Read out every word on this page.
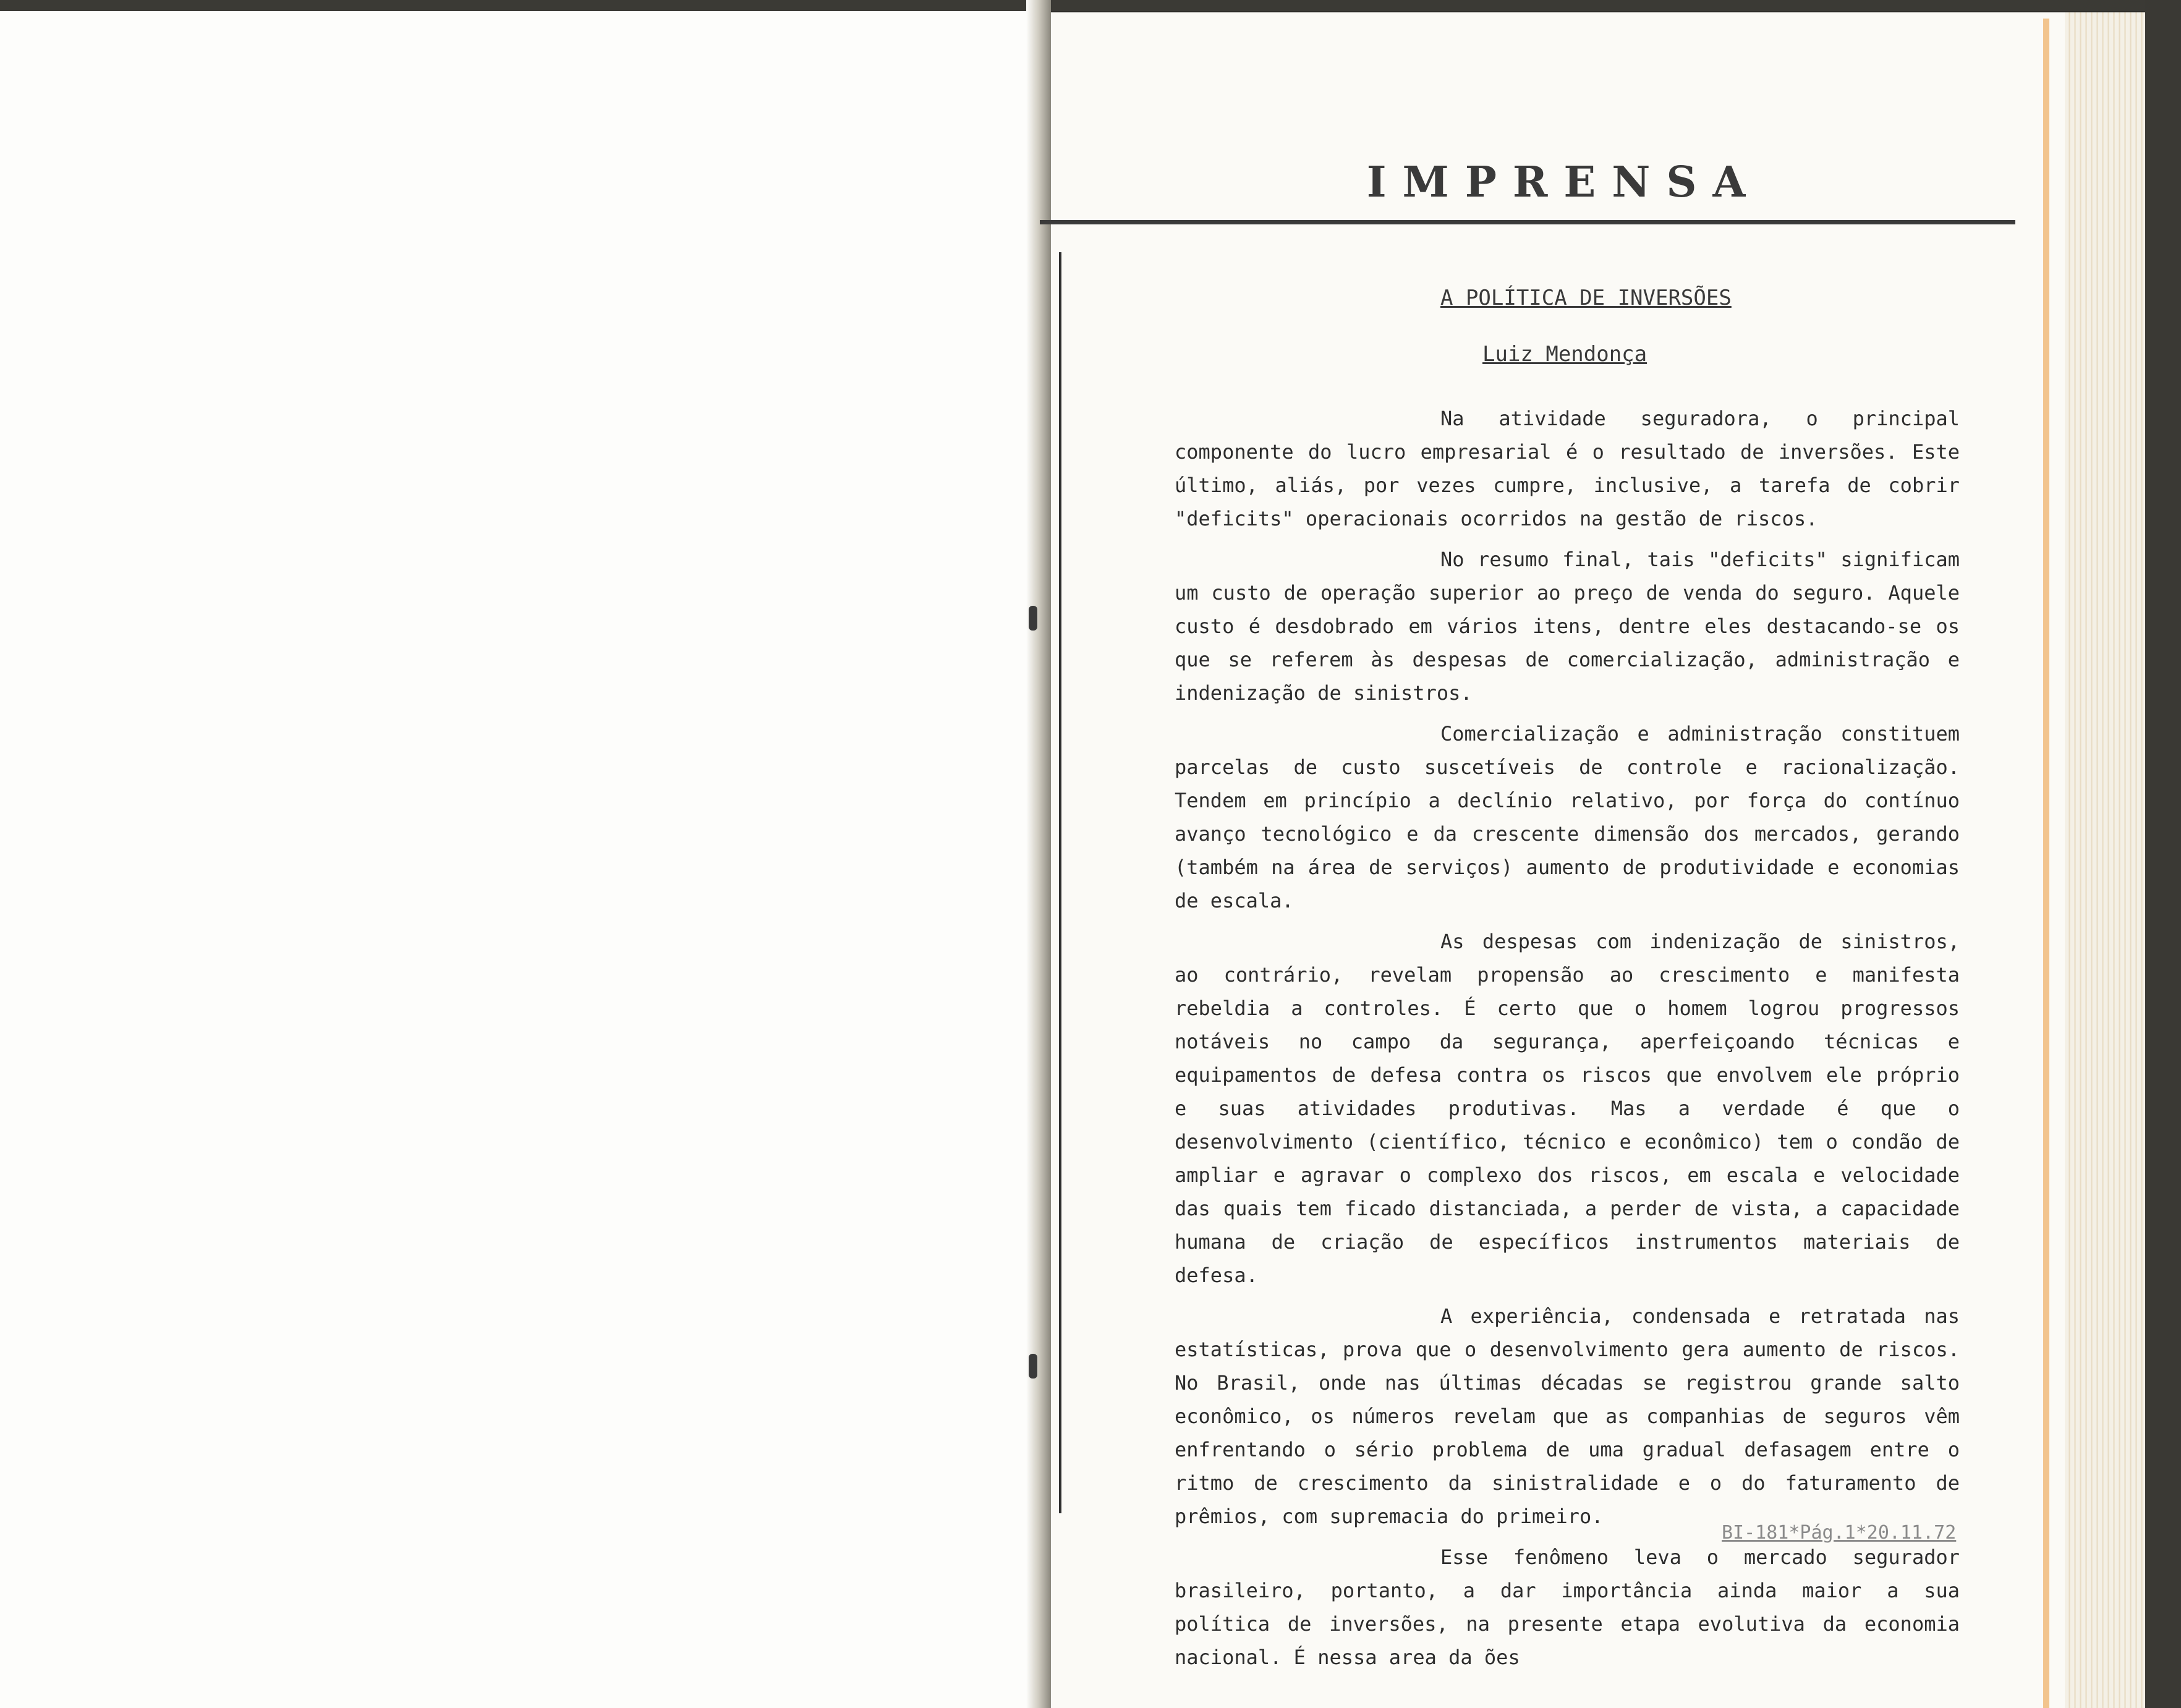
IMPRENSA
A POLÍTICA DE INVERSÕES
Luiz Mendonça

Na atividade seguradora, o principal componente do lucro empresarial é o resultado de inversões. Este último, aliás, por vezes cumpre, inclusive, a tarefa de cobrir "deficits" operacionais ocorridos na gestão de riscos.

No resumo final, tais "deficits" significam um custo de operação superior ao preço de venda do seguro. Aquele custo é desdobrado em vários itens, dentre eles destacando-se os que se referem às despesas de comercialização, administração e indenização de sinistros.

Comercialização e administração constituem parcelas de custo suscetíveis de controle e racionalização. Tendem em princípio a declínio relativo, por força do contínuo avanço tecnológico e da crescente dimensão dos mercados, gerando (também na área de serviços) aumento de produtividade e economias de escala.

As despesas com indenização de sinistros, ao contrário, revelam propensão ao crescimento e manifesta rebeldia a controles. É certo que o homem logrou progressos notáveis no campo da segurança, aperfeiçoando técnicas e equipamentos de defesa contra os riscos que envolvem ele próprio e suas atividades produtivas. Mas a verdade é que o desenvolvimento (científico, técnico e econômico) tem o condão de ampliar e agravar o complexo dos riscos, em escala e velocidade das quais tem ficado distanciada, a perder de vista, a capacidade humana de criação de específicos instrumentos materiais de defesa.

A experiência, condensada e retratada nas estatísticas, prova que o desenvolvimento gera aumento de riscos. No Brasil, onde nas últimas décadas se registrou grande salto econômico, os números revelam que as companhias de seguros vêm enfrentando o sério problema de uma gradual defasagem entre o ritmo de crescimento da sinistralidade e o do faturamento de prêmios, com supremacia do primeiro.

Esse fenômeno leva o mercado segurador brasileiro, portanto, a dar importância ainda maior a sua política de inversões, na presente etapa evolutiva da economia nacional. É nessa area da ões

BI-181*Pág.1*20.11.72
